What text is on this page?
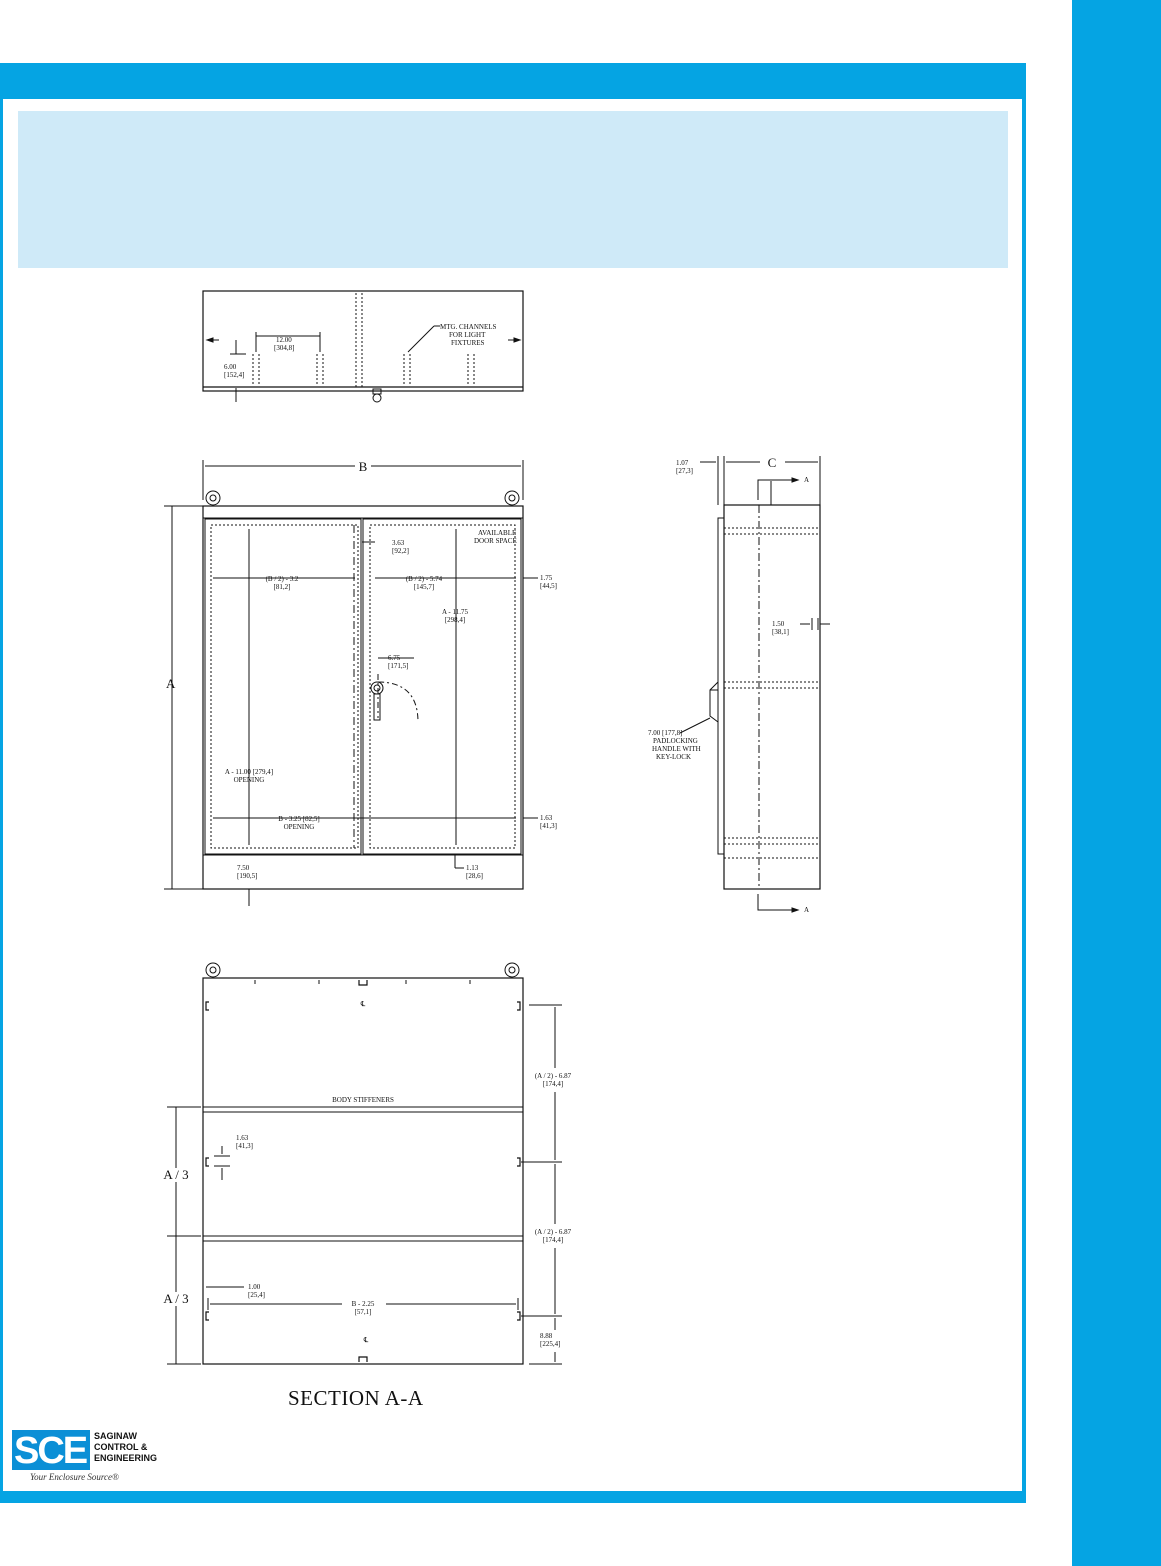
12.00
[304,8]
6.00
[152,4]
MTG. CHANNELS
FOR LIGHT
FIXTURES
B
A
AVAILABLE
DOOR SPACE
3.63
[92,2]
(B / 2) - 3.2
[81,2]
(B / 2) - 5.74
[145,7]
1.75
[44,5]
A - 11.75
[298,4]
6.75
[171,5]
A - 11.00 [279,4]
OPENING
B - 3.25 [82,5]
OPENING
1.63
[41,3]
7.50
[190,5]
1.13
[28,6]
C
1.07
[27,3]
A
1.50
[38,1]
7.00 [177,8]
PADLOCKING
HANDLE WITH
KEY-LOCK
A
℄
℄
BODY STIFFENERS
A / 3
A / 3
1.63
[41,3]
(A / 2) - 6.87
[174,4]
(A / 2) - 6.87
[174,4]
8.88
[225,4]
1.00
[25,4]
B - 2.25
[57,1]
SECTION A-A
SCE SAGINAW
CONTROL &
ENGINEERING
Your Enclosure Source®
